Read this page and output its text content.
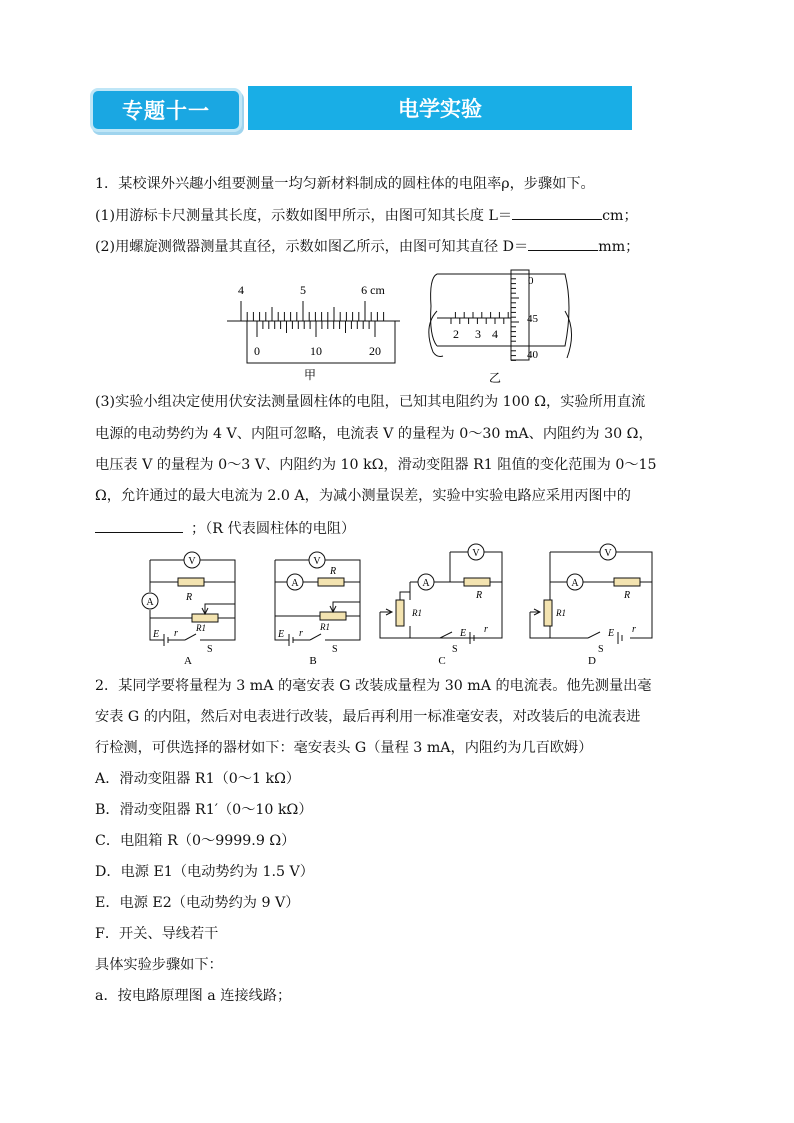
专题十一	电学实验
1．某校课外兴趣小组要测量一均匀新材料制成的圆柱体的电阻率ρ，步骤如下。
(1)用游标卡尺测量其长度，示数如图甲所示，由图可知其长度 L＝	cm；
(2)用螺旋测微器测量其直径，示数如图乙所示，由图可知其直径 D＝	mm；
4	5	6 cm
0	10	20
甲
2 3 4
0
45
40
乙
(3)实验小组决定使用伏安法测量圆柱体的电阻，已知其电阻约为 100 Ω，实验所用直流
电源的电动势约为 4 V、内阻可忽略，电流表 V 的量程为 0～30 mA、内阻约为 30 Ω，
电压表 V 的量程为 0～3 V、内阻约为 10 kΩ，滑动变阻器 R1 阻值的变化范围为 0～15
Ω，允许通过的最大电流为 2.0 A，为减小测量误差，实验中实验电路应采用丙图中的
；（R 代表圆柱体的电阻）
V
A	R
R1
E r
S
A
V
A
R
R1
E r
S
B
V
A
R
R1
E r
S
C
V
A
R
R1
E r
S
D
2．某同学要将量程为 3 mA 的毫安表 G 改装成量程为 30 mA 的电流表。他先测量出毫
安表 G 的内阻，然后对电表进行改装，最后再利用一标准毫安表，对改装后的电流表进
行检测，可供选择的器材如下：毫安表头 G（量程 3 mA，内阻约为几百欧姆）
A．滑动变阻器 R1（0～1 kΩ）
B．滑动变阻器 R1′（0～10 kΩ）
C．电阻箱 R（0～9999.9 Ω）
D．电源 E1（电动势约为 1.5 V）
E．电源 E2（电动势约为 9 V）
F．开关、导线若干
具体实验步骤如下：
a．按电路原理图 a 连接线路；
